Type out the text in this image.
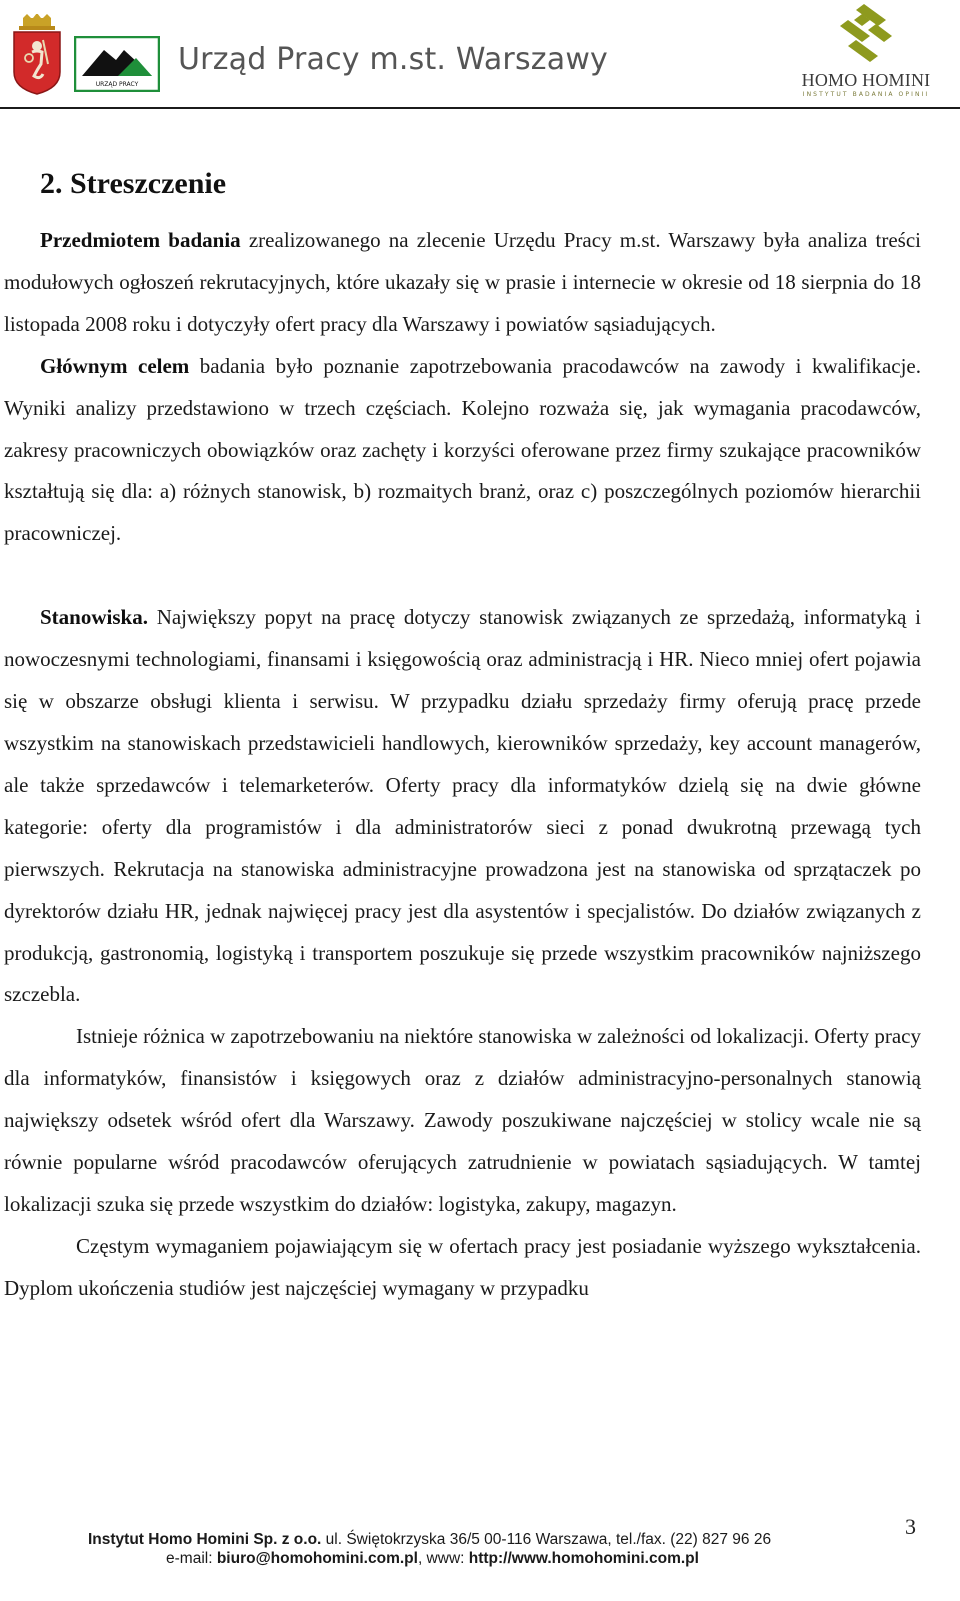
URZĄD PRACY
Urząd Pracy m.st. Warszawy
HOMO HOMINI
INSTYTUT BADANIA OPINII
2. Streszczenie

Przedmiotem badania zrealizowanego na zlecenie Urzędu Pracy m.st. Warszawy była analiza treści modułowych ogłoszeń rekrutacyjnych, które ukazały się w prasie i internecie w okresie od 18 sierpnia do 18 listopada 2008 roku i dotyczyły ofert pracy dla Warszawy i powiatów sąsiadujących.

Głównym celem badania było poznanie zapotrzebowania pracodawców na zawody i kwalifikacje. Wyniki analizy przedstawiono w trzech częściach. Kolejno rozważa się, jak wymagania pracodawców, zakresy pracowniczych obowiązków oraz zachęty i korzyści oferowane przez firmy szukające pracowników kształtują się dla: a) różnych stanowisk, b) rozmaitych branż, oraz c) poszczególnych poziomów hierarchii pracowniczej.

Stanowiska. Największy popyt na pracę dotyczy stanowisk związanych ze sprzedażą, informatyką i nowoczesnymi technologiami, finansami i księgowością oraz administracją i HR. Nieco mniej ofert pojawia się w obszarze obsługi klienta i serwisu. W przypadku działu sprzedaży firmy oferują pracę przede wszystkim na stanowiskach przedstawicieli handlowych, kierowników sprzedaży, key account managerów, ale także sprzedawców i telemarketerów. Oferty pracy dla informatyków dzielą się na dwie główne kategorie: oferty dla programistów i dla administratorów sieci z ponad dwukrotną przewagą tych pierwszych. Rekrutacja na stanowiska administracyjne prowadzona jest na stanowiska od sprzątaczek po dyrektorów działu HR, jednak najwięcej pracy jest dla asystentów i specjalistów. Do działów związanych z produkcją, gastronomią, logistyką i transportem poszukuje się przede wszystkim pracowników najniższego szczebla.

Istnieje różnica w zapotrzebowaniu na niektóre stanowiska w zależności od lokalizacji. Oferty pracy dla informatyków, finansistów i księgowych oraz z działów administracyjno-personalnych stanowią największy odsetek wśród ofert dla Warszawy. Zawody poszukiwane najczęściej w stolicy wcale nie są równie popularne wśród pracodawców oferujących zatrudnienie w powiatach sąsiadujących. W tamtej lokalizacji szuka się przede wszystkim do działów: logistyka, zakupy, magazyn.

Częstym wymaganiem pojawiającym się w ofertach pracy jest posiadanie wyższego wykształcenia. Dyplom ukończenia studiów jest najczęściej wymagany w przypadku

Instytut Homo Homini Sp. z o.o. ul. Świętokrzyska 36/5 00-116 Warszawa, tel./fax. (22) 827 96 26
e-mail: biuro@homohomini.com.pl, www: http://www.homohomini.com.pl
3
